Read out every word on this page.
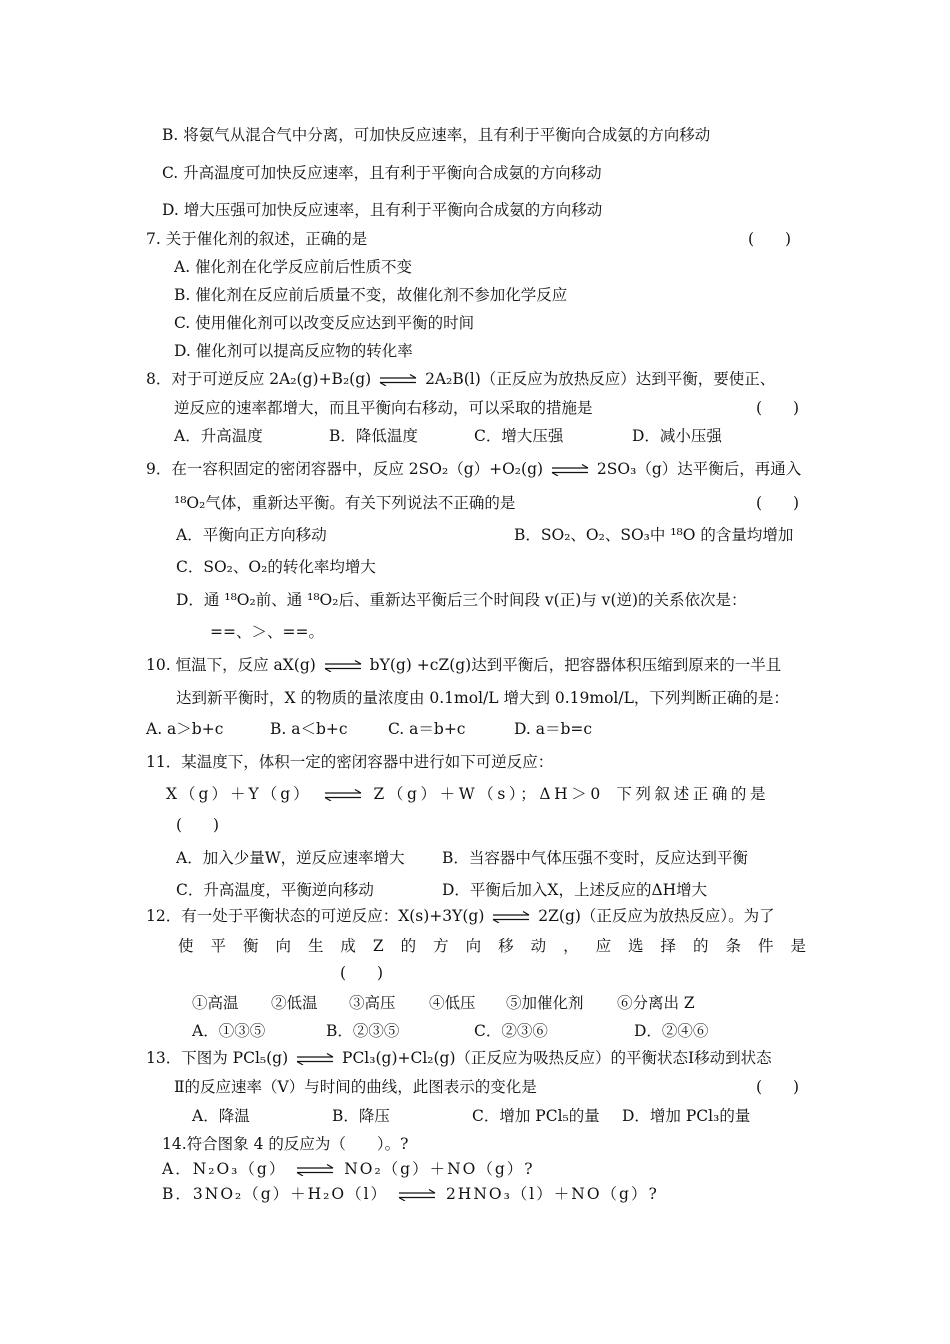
B. 将氨气从混合气中分离，可加快反应速率，且有利于平衡向合成氨的方向移动
C. 升高温度可加快反应速率，且有利于平衡向合成氨的方向移动
D. 增大压强可加快反应速率，且有利于平衡向合成氨的方向移动
7. 关于催化剂的叙述，正确的是	(　　)
A. 催化剂在化学反应前后性质不变
B. 催化剂在反应前后质量不变，故催化剂不参加化学反应
C. 使用催化剂可以改变反应达到平衡的时间
D. 催化剂可以提高反应物的转化率
8．对于可逆反应 2A₂(g)+B₂(g)	2A₂B(l)（正反应为放热反应）达到平衡，要使正、
逆反应的速率都增大，而且平衡向右移动，可以采取的措施是	(　　)
A．升高温度	B．降低温度	C．增大压强	D．减小压强
9．在一容积固定的密闭容器中，反应 2SO₂（g）+O₂(g)	2SO₃（g）达平衡后，再通入
¹⁸O₂气体，重新达平衡。有关下列说法不正确的是	(　　)
A．平衡向正方向移动	B．SO₂、O₂、SO₃中 ¹⁸O 的含量均增加
C．SO₂、O₂的转化率均增大
D．通 ¹⁸O₂前、通 ¹⁸O₂后、重新达平衡后三个时间段 v(正)与 v(逆)的关系依次是：
==、＞、==。
10. 恒温下，反应 aX(g)	bY(g) +cZ(g)达到平衡后，把容器体积压缩到原来的一半且
达到新平衡时，X 的物质的量浓度由 0.1mol/L 增大到 0.19mol/L，下列判断正确的是：
A. a＞b+c	B. a＜b+c	C. a＝b+c	D. a＝b=c
11．某温度下，体积一定的密闭容器中进行如下可逆反应：
X（g）＋Y（g）	Z（g）＋W（s）；ΔH＞0 下列叙述正确的是
(　　)
A．加入少量W，逆反应速率增大 B．当容器中气体压强不变时，反应达到平衡
C．升高温度，平衡逆向移动	D．平衡后加入X，上述反应的ΔH增大
12．有一处于平衡状态的可逆反应：X(s)+3Y(g)	2Z(g)（正反应为放热反应）。为了
使 平 衡 向 生 成 Z 的 方 向 移 动 ， 应 选 择 的 条 件 是
(　　)
①高温	②低温	③高压	④低压	⑤加催化剂	⑥分离出 Z
A．①③⑤	B．②③⑤	C．②③⑥	D．②④⑥
13．下图为 PCl₅(g)	PCl₃(g)+Cl₂(g)（正反应为吸热反应）的平衡状态Ⅰ移动到状态
Ⅱ的反应速率（V）与时间的曲线，此图表示的变化是	(　　)
A．降温	B．降压	C．增加 PCl₅的量	D．增加 PCl₃的量
14.符合图象 4 的反应为（　　）。?
A．N₂O₃（g）	NO₂（g）＋NO（g）?
B．3NO₂（g）＋H₂O（l）	2HNO₃（l）＋NO（g）?
